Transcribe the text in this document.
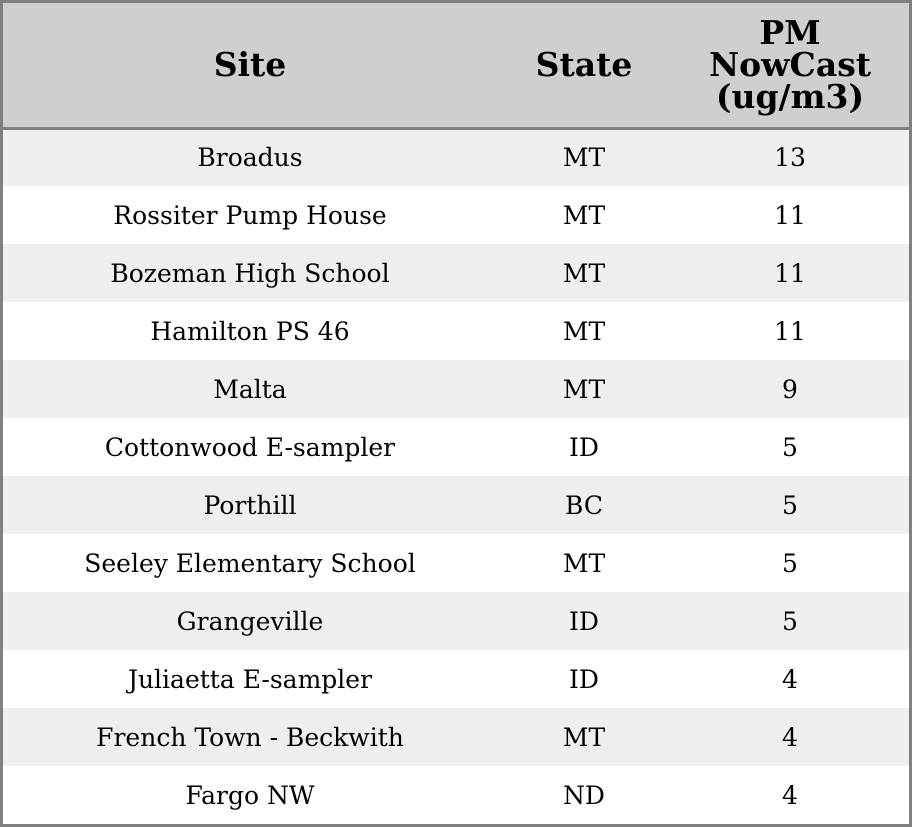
Site	State	PM
NowCast
(ug/m3)

Broadus	MT	13
Rossiter Pump House	MT	11
Bozeman High School	MT	11
Hamilton PS 46	MT	11
Malta	MT	9
Cottonwood E-sampler	ID	5
Porthill	BC	5
Seeley Elementary School	MT	5
Grangeville	ID	5
Juliaetta E-sampler	ID	4
French Town - Beckwith	MT	4
Fargo NW	ND	4
